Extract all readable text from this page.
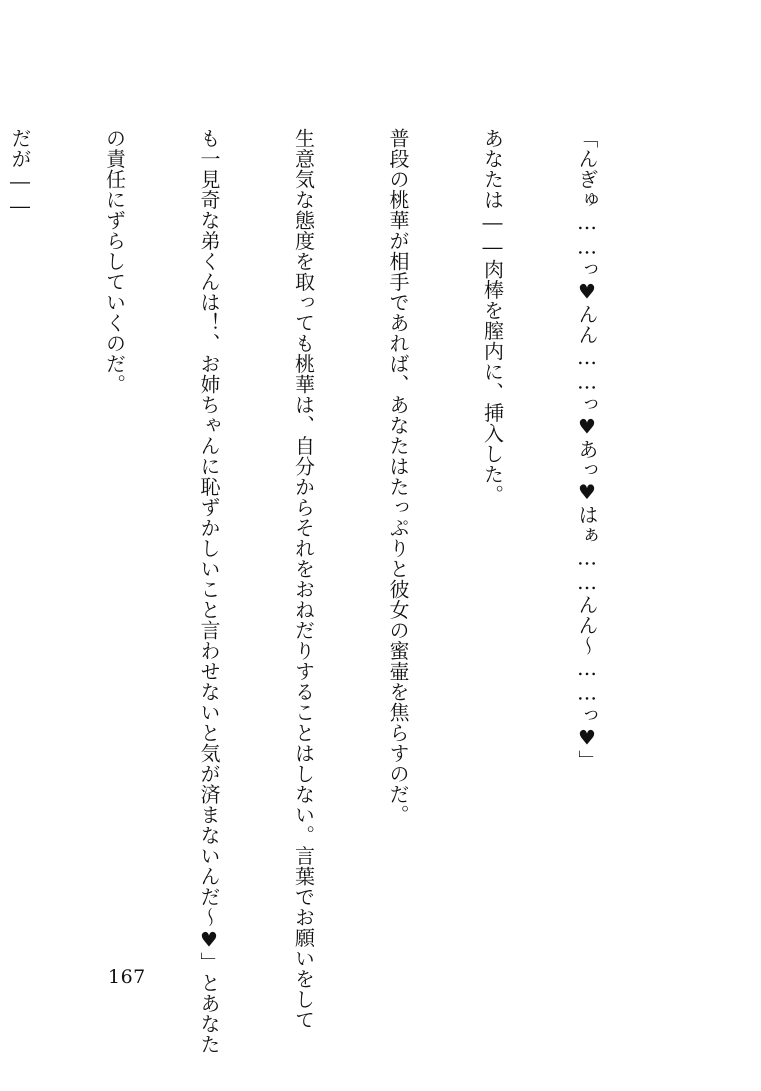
「んぎゅ……っ♥んん……っ♥あっ♥はぁ……んん～……っ♥」

あなたは――肉棒を膣内に、挿入した。

普段の桃華が相手であれば、あなたはたっぷりと彼女の蜜壷を焦らすのだ。

生意気な態度を取っても桃華は、自分からそれをおねだりすることはしない。言葉でお願いをして

も一見奇な弟くんは！、お姉ちゃんに恥ずかしいこと言わせないと気が済まないんだ～♥」とあなた

の責任にずらしていくのだ。

だが――

167
